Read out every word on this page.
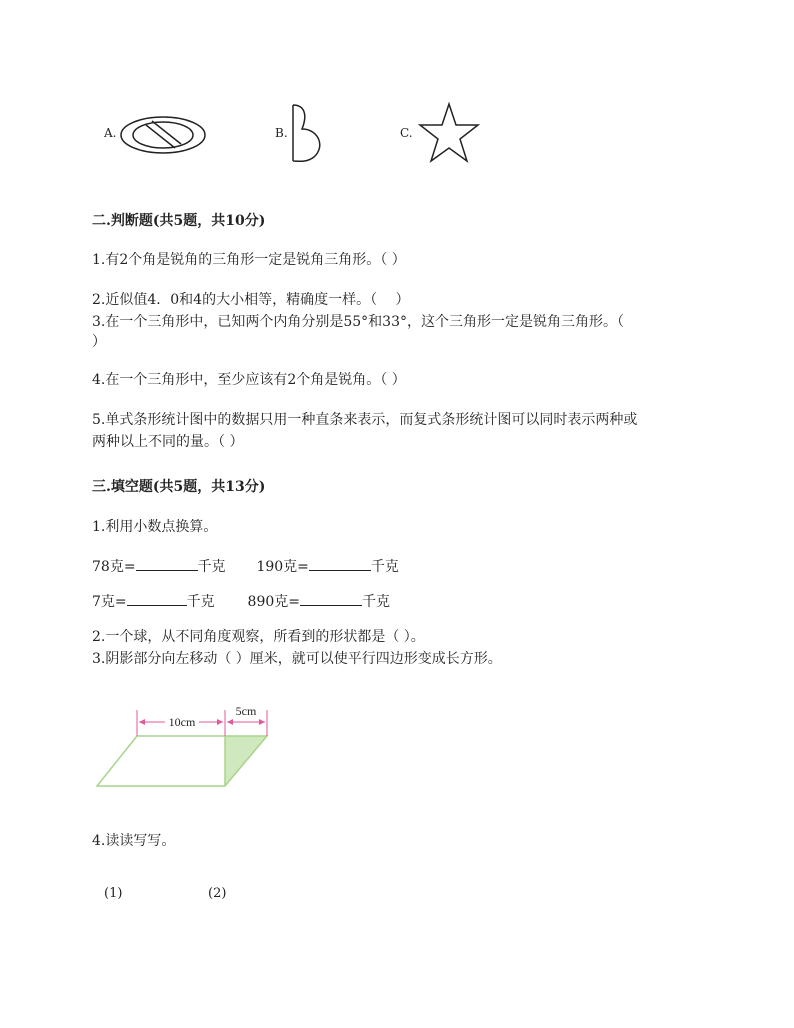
A.	B.	C.
二.判断题(共5题，共10分)
1.有2个角是锐角的三角形一定是锐角三角形。（ ）
2.近似值4．0和4的大小相等，精确度一样。（　 ）
3.在一个三角形中，已知两个内角分别是55°和33°，这个三角形一定是锐角三角形。（
）
4.在一个三角形中，至少应该有2个角是锐角。（ ）
5.单式条形统计图中的数据只用一种直条来表示，而复式条形统计图可以同时表示两种或
两种以上不同的量。（ ）
三.填空题(共5题，共13分)
1.利用小数点换算。
78克=	千克 190克=	千克
7克=	千克 890克=	千克
2.一个球，从不同角度观察，所看到的形状都是（ ）。
3.阴影部分向左移动（ ）厘米，就可以使平行四边形变成长方形。
10cm
5cm
4.读读写写。
(1)	(2)
